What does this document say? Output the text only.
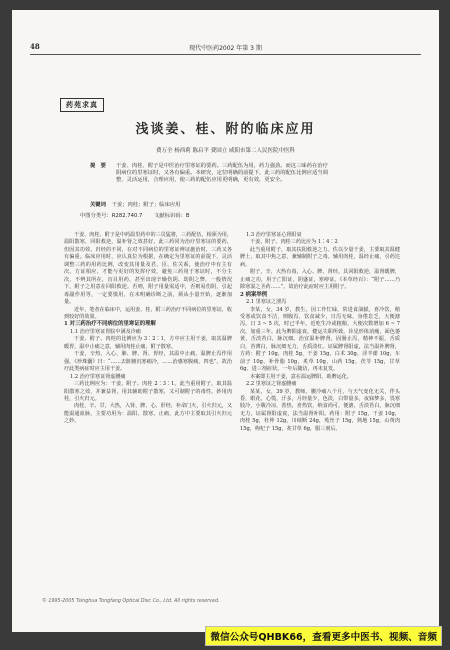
48	现代中医药2002 年第 3 期
药苑求真
浅谈姜、桂、附的临床应用
费万全 杨西莉 陈启平 费国立 咸阳市第二人民医院中医科
提　要 干姜、肉桂、附子是中医治疗里寒证的要药。三药配伍为用，药力强劲。而这三味药在治疗
阴病位的里寒证时，又各有偏重。本研究，定位明确的前提下，此三药的配伍比例应适当调
整，灵活运用，合理应用，使三药的配伍应用更明确，更有效，更安全。
关键词 干姜；肉桂；附子；临床应用
中图分类号：R282.740.7 文献标识码：B

干姜、肉桂、附子是中药温里药中的三员猛将，三药配伍，相须为用，温阳散寒，回阳救逆，温补肾之效甚好。此三药同为治疗里寒证的要药，但因其功效、归经的不同，在对不同病位的里寒证辨证施治时，三药又各有偏重。临床应用时，应认真位为根据，在确定为里寒证的前提下，灵活调整三药的用药比例，改变其用量及君、臣、佐关系，使治疗中有主有次，方证相应，才能与更好的发挥疗效，避免三药用于寒证时，不分主次，不辨其所在，盲目用药，甚至出现辛燥伤阴、劫阴之弊，一般情况下，附子之用意在回阳救逆。否则，附子用量需适中，否则易伤阴，引起毒副作用等，一定要慎用，在未明确诊断之前，须从小量开始，逐渐加量。

近年，笔者在临床中，运用姜、桂、附三药治疗不同病位的里寒证，收到较好的效果。

1 对三药治疗不同病位的里寒证的理解
1.1 治疗里寒证胃脘中满及冷痛

干姜、附子、肉桂的比例应为 3∶2∶1，方中应主用干姜，取其温脾暖胃，温中止痛之意，辅用肉桂止痛，附子散寒。

干姜，辛热，入心、肺、脾、肾、胃经，其温中止痛，温脾止泻作用强，《珍珠囊》曰：“……去脏腑沉寒痼冷，……治感寒腹痛，四也”。故治疗此类病症时应主用干姜。

1.2 治疗里寒证肾虚腰痛

三药比例应为：干姜、附子、肉桂 2∶3∶1。此当重用附子，取其温阳散寒之效，并兼益肾，用其辅助附子散寒，又可制附子的毒性。妙用肉桂，引火归元。

肉桂，辛、甘，大热，入肾、脾、心、肝经，补命门火，引火归元，又能温通血脉，主要功用为：温阳、散寒、止痛，此方中主要取其引火归元之妙。

1.3 治疗里寒证心肾阳衰

干姜、附子、肉桂三药比应为 1∶4∶2

此当重用附子，取其扶阳救逆之力。佐以少量干姜，主要取其温健脾土，取其中焦之意，兼辅制附子之毒。辅用肉桂，温经止痛，引药达病。

附子，辛，大热有毒，入心、脾、肾经。具回阳救逆，温肾暖脾，止痛之功，用于亡阳证，阴盛证，寒痹证。《本草经百》：“附子……乃除寒湿之圣药……”。故治疗此症时应主用附子。

2 病案举例
2.1 里寒证之泄泻

李某，女，34 岁，教生。因工作忙碌，常进食油腻，喜冷饮，稍受寒或饮食不洁，则腹泻，饮食减少，日泻无味，身倦怠乏，大便溏泻，日 3 ~ 5 次，时已半年。近吃生冷或粗粮，大便次数增加 6 ~ 7 次，加重三年。此为脾阳虚衰，健运失职所致。诊见形体消瘦，面色萎黄，舌淡苔白，脉沉细。治宜温补脾肾，固肠止泻，精神不振，舌质白，苔薄白，脉沉细无力，舌质淡红。证属脾肾阳虚，法当温补脾肾，方药：附子 10g，肉桂 5g，干姜 15g，白术 30g，淫羊藿 10g，车前子 10g，补骨脂 10g，炙草 10g，山药 15g，茯苓 15g，甘草 6g。进三剂症状，一年后随访，再未复发。

本案即主用干姜，意在温运脾阳，助脾运化。

2.2 里寒证之肾虚腰痛

某某，女，39 岁，教师。腰冷痛八个月，与天气变化无关，伴头昏，眼花，心慌，汗多，月经量少，色淡，白带量多，夜寐梦多，畏寒肢冷，小腹冷凉，善热，喜热饮，纳食尚可，便溏，舌淡苔白，脉沉细无力，证属肾阳虚衰，法当温肾补阳。药用：附子 15g，干姜 10g，肉桂 5g，杜仲 12g，川续断 24g，菟丝子 15g，熟地 15g，山萸肉 15g，枸杞子 15g，炙甘草 6g，服三剂后。

© 1995-2005 Tsinghua Tongfang Optical Disc Co., Ltd. All rights reserved.
微信公众号QHBK66，查看更多中医书、视频、音频
